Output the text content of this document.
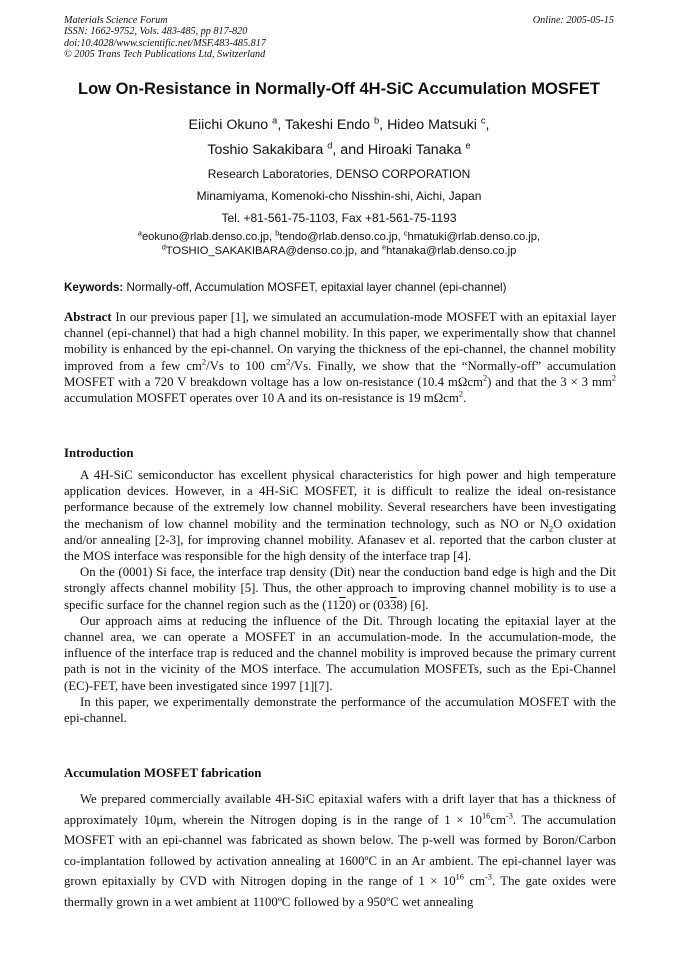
Materials Science Forum
ISSN: 1662-9752, Vols. 483-485, pp 817-820
doi:10.4028/www.scientific.net/MSF.483-485.817
© 2005 Trans Tech Publications Ltd, Switzerland
Online: 2005-05-15
Low On-Resistance in Normally-Off 4H-SiC Accumulation MOSFET
Eiichi Okuno $^a$, Takeshi Endo $^b$, Hideo Matsuki $^c$,
Toshio Sakakibara $^d$, and Hiroaki Tanaka $^e$
Research Laboratories, DENSO CORPORATION
Minamiyama, Komenoki-cho Nisshin-shi, Aichi, Japan
Tel. +81-561-75-1103, Fax +81-561-75-1193
$^a$eokuno@rlab.denso.co.jp, $^b$tendo@rlab.denso.co.jp, $^c$hmatuki@rlab.denso.co.jp,
$^d$TOSHIO_SAKAKIBARA@denso.co.jp, and $^e$htanaka@rlab.denso.co.jp
Keywords: Normally-off, Accumulation MOSFET, epitaxial layer channel (epi-channel)

Abstract In our previous paper [1], we simulated an accumulation-mode MOSFET with an epitaxial layer channel (epi-channel) that had a high channel mobility. In this paper, we experimentally show that channel mobility is enhanced by the epi-channel. On varying the thickness of the epi-channel, the channel mobility improved from a few $cm^2/Vs$ to 100 $cm^2/Vs$. Finally, we show that the “Normally-off” accumulation MOSFET with a 720 V breakdown voltage has a low on-resistance (10.4 mΩcm$^2$) and that the 3 × 3 $mm^2$ accumulation MOSFET operates over 10 A and its on-resistance is 19 mΩcm$^2$.

Introduction

A 4H-SiC semiconductor has excellent physical characteristics for high power and high temperature application devices. However, in a 4H-SiC MOSFET, it is difficult to realize the ideal on-resistance performance because of the extremely low channel mobility. Several researchers have been investigating the mechanism of low channel mobility and the termination technology, such as NO or $N_2O$ oxidation and/or annealing [2-3], for improving channel mobility. Afanasev et al. reported that the carbon cluster at the MOS interface was responsible for the high density of the interface trap [4].

On the (0001) Si face, the interface trap density (Dit) near the conduction band edge is high and the Dit strongly affects channel mobility [5]. Thus, the other approach to improving channel mobility is to use a specific surface for the channel region such as the (1120) or (0338) [6].

Our approach aims at reducing the influence of the Dit. Through locating the epitaxial layer at the channel area, we can operate a MOSFET in an accumulation-mode. In the accumulation-mode, the influence of the interface trap is reduced and the channel mobility is improved because the primary current path is not in the vicinity of the MOS interface. The accumulation MOSFETs, such as the Epi-Channel (EC)-FET, have been investigated since 1997 [1][7].

In this paper, we experimentally demonstrate the performance of the accumulation MOSFET with the epi-channel.

Accumulation MOSFET fabrication

We prepared commercially available 4H-SiC epitaxial wafers with a drift layer that has a thickness of approximately 10μm, wherein the Nitrogen doping is in the range of $1 \times 10^{16}cm^{-3}$. The accumulation MOSFET with an epi-channel was fabricated as shown below. The p-well was formed by Boron/Carbon co-implantation followed by activation annealing at 1600ºC in an Ar ambient. The epi-channel layer was grown epitaxially by CVD with Nitrogen doping in the range of $1 \times 10^{16}$ $cm^{-3}$. The gate oxides were thermally grown in a wet ambient at 1100ºC followed by a 950ºC wet annealing
